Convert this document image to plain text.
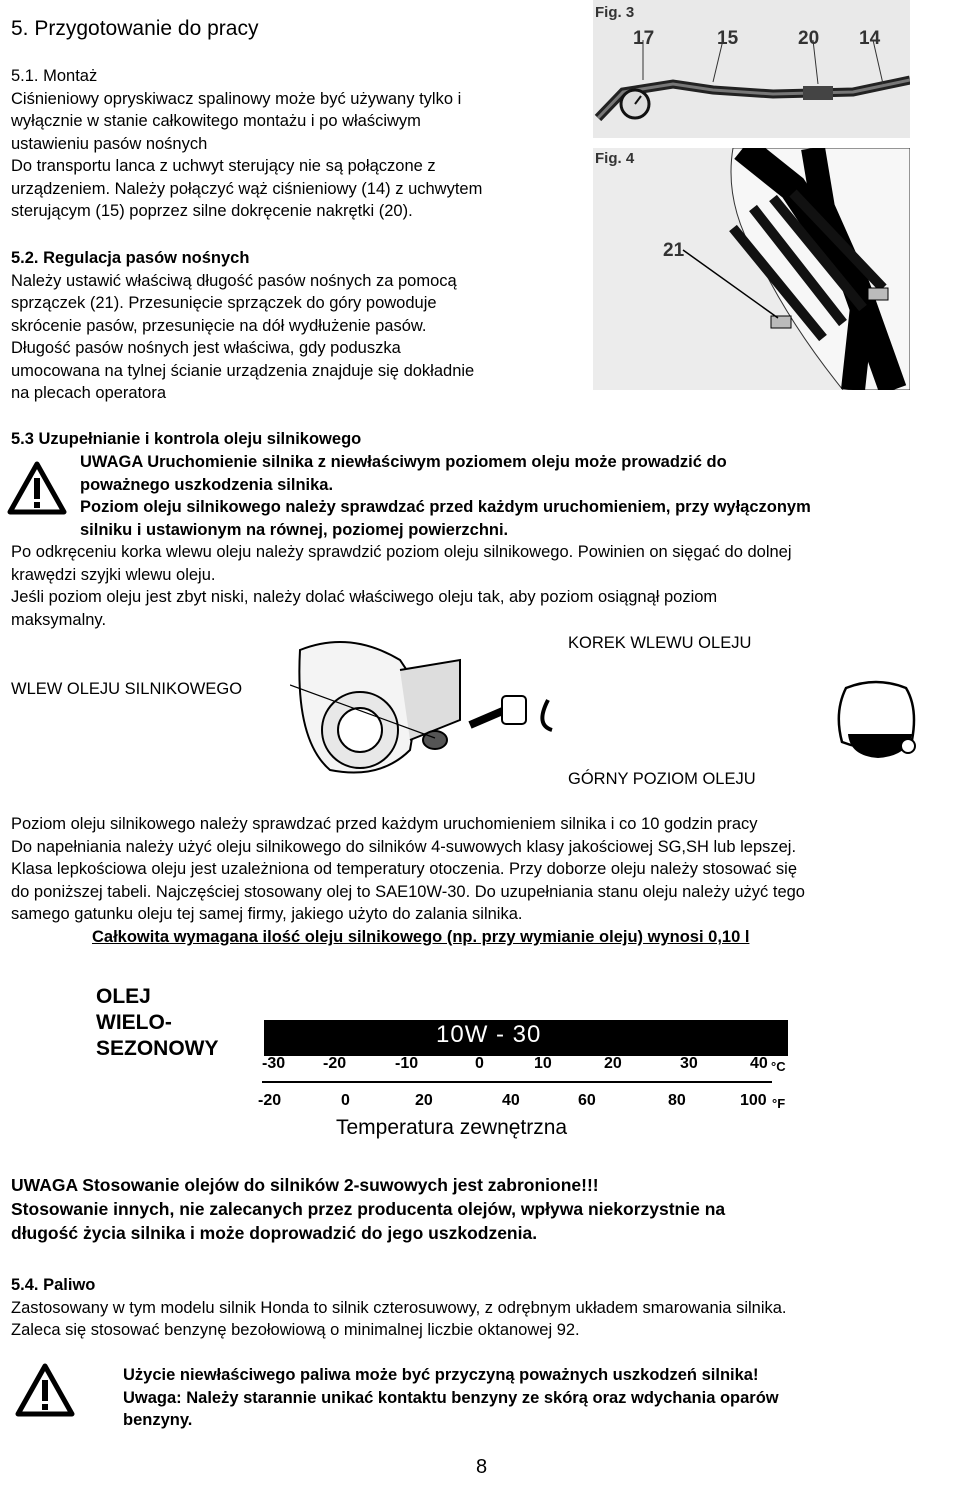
5. Przygotowanie do pracy

5.1. Montaż

Ciśnieniowy opryskiwacz spalinowy może być używany tylko i

wyłącznie w stanie całkowitego montażu i po właściwym

ustawieniu pasów nośnych

Do transportu lanca z uchwyt sterujący nie są połączone z

urządzeniem. Należy połączyć wąż ciśnieniowy (14) z uchwytem

sterującym (15) poprzez silne dokręcenie nakrętki (20).

5.2. Regulacja pasów nośnych

Należy ustawić właściwą długość pasów nośnych za pomocą

sprzączek (21). Przesunięcie sprzączek do góry powoduje

skrócenie pasów, przesunięcie na dół wydłużenie pasów.

Długość pasów nośnych jest właściwa, gdy poduszka

umocowana na tylnej ścianie urządzenia znajduje się dokładnie

na plecach operatora

Fig. 3
17	15	20 14
Fig. 4
21
5.3 Uzupełnianie i kontrola oleju silnikowego

UWAGA Uruchomienie silnika z niewłaściwym poziomem oleju może prowadzić do

poważnego uszkodzenia silnika.

Poziom oleju silnikowego należy sprawdzać przed każdym uruchomieniem, przy wyłączonym

silniku i ustawionym na równej, poziomej powierzchni.

Po odkręceniu korka wlewu oleju należy sprawdzić poziom oleju silnikowego. Powinien on sięgać do dolnej

krawędzi szyjki wlewu oleju.

Jeśli poziom oleju jest zbyt niski, należy dolać właściwego oleju tak, aby poziom osiągnął poziom

maksymalny.

KOREK WLEWU OLEJU
WLEW OLEJU SILNIKOWEGO
GÓRNY POZIOM OLEJU

Poziom oleju silnikowego należy sprawdzać przed każdym uruchomieniem silnika i co 10 godzin pracy

Do napełniania należy użyć oleju silnikowego do silników 4-suwowych klasy jakościowej SG,SH lub lepszej.

Klasa lepkościowa oleju jest uzależniona od temperatury otoczenia. Przy doborze oleju należy stosować się

do poniższej tabeli. Najczęściej stosowany olej to SAE10W-30. Do uzupełniania stanu oleju należy użyć tego

samego gatunku oleju tej samej firmy, jakiego użyto do zalania silnika.

Całkowita wymagana ilość oleju silnikowego (np. przy wymianie oleju) wynosi 0,10 l

OLEJ

WIELO-

SEZONOWY

10W - 30
-30 -20	-10	0	10	20	30	40 °C
-20	0	20	40	60	80	100 °F
Temperatura zewnętrzna

UWAGA Stosowanie olejów do silników 2-suwowych jest zabronione!!!

Stosowanie innych, nie zalecanych przez producenta olejów, wpływa niekorzystnie na

długość życia silnika i może doprowadzić do jego uszkodzenia.

5.4. Paliwo

Zastosowany w tym modelu silnik Honda to silnik czterosuwowy, z odrębnym układem smarowania silnika.

Zaleca się stosować benzynę bezołowiową o minimalnej liczbie oktanowej 92.

Użycie niewłaściwego paliwa może być przyczyną poważnych uszkodzeń silnika!

Uwaga: Należy starannie unikać kontaktu benzyny ze skórą oraz wdychania oparów

benzyny.

8
